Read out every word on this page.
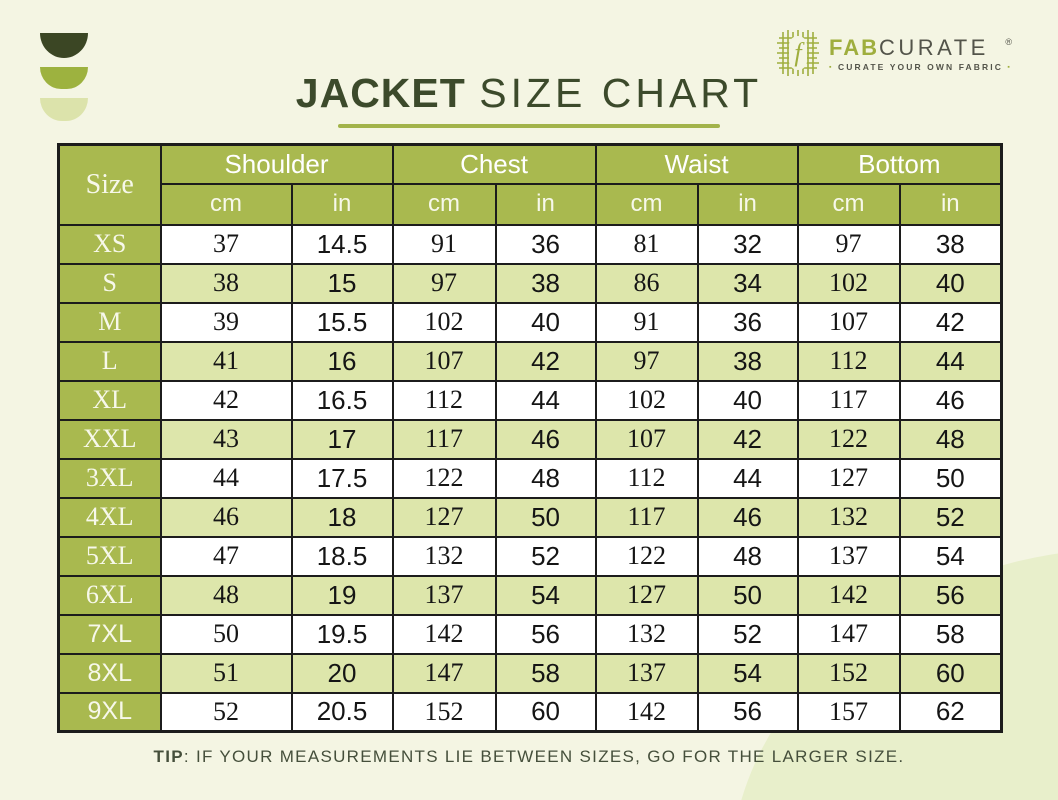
JACKET SIZE CHART
f FABCURATE ®
▪ CURATE YOUR OWN FABRIC ▪
Size	Shoulder		Chest		Waist		Bottom	
	cm	in	cm	in	cm	in	cm	in
XS	37	14.5	91	36	81	32	97	38
S	38	15	97	38	86	34	102	40
M	39	15.5	102	40	91	36	107	42
L	41	16	107	42	97	38	112	44
XL	42	16.5	112	44	102	40	117	46
XXL	43	17	117	46	107	42	122	48
3XL	44	17.5	122	48	112	44	127	50
4XL	46	18	127	50	117	46	132	52
5XL	47	18.5	132	52	122	48	137	54
6XL	48	19	137	54	127	50	142	56
7XL	50	19.5	142	56	132	52	147	58
8XL	51	20	147	58	137	54	152	60
9XL	52	20.5	152	60	142	56	157	62
TIP: IF YOUR MEASUREMENTS LIE BETWEEN SIZES, GO FOR THE LARGER SIZE.
